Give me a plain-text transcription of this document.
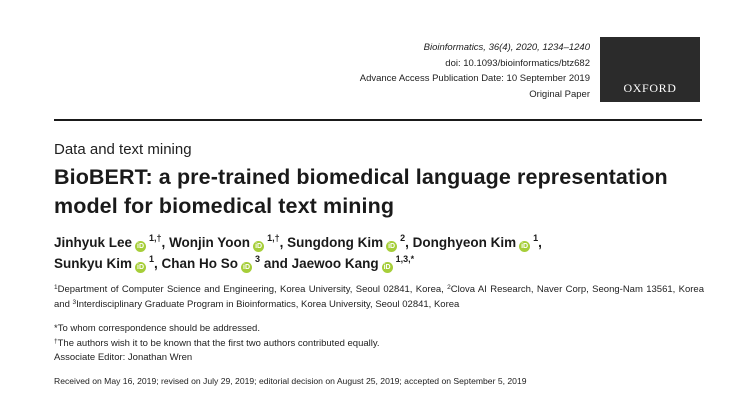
Bioinformatics, 36(4), 2020, 1234–1240
doi: 10.1093/bioinformatics/btz682
Advance Access Publication Date: 10 September 2019
Original Paper	OXFORD
Data and text mining
BioBERT: a pre-trained biomedical language representation model for biomedical text mining
Jinhyuk Lee $iD^{1,\dagger}$, Wonjin Yoon $iD^{1,\dagger}$, Sungdong Kim $iD^2$, Donghyeon Kim $iD^1$,
Sunkyu Kim $iD^1$, Chan Ho So $iD^3$ and Jaewoo Kang $iD^{1,3,*}$
$^1$Department of Computer Science and Engineering, Korea University, Seoul 02841, Korea, $^2$Clova AI Research, Naver Corp, Seong-Nam 13561, Korea and $^3$Interdisciplinary Graduate Program in Bioinformatics, Korea University, Seoul 02841, Korea
*To whom correspondence should be addressed.
†The authors wish it to be known that the first two authors contributed equally.
Associate Editor: Jonathan Wren
Received on May 16, 2019; revised on July 29, 2019; editorial decision on August 25, 2019; accepted on September 5, 2019
